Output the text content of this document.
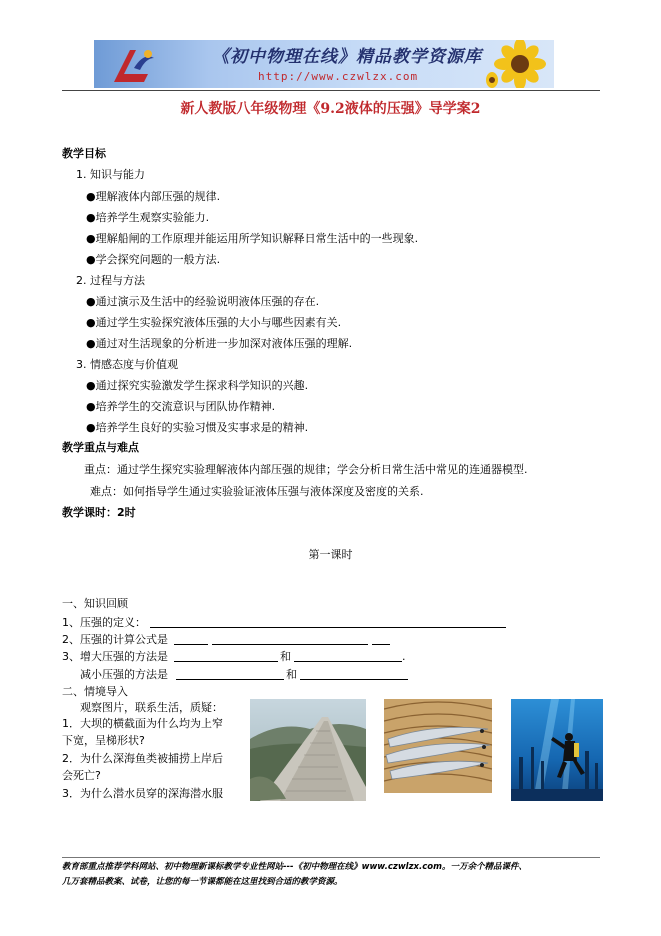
《初中物理在线》精品教学资源库
http://www.czwlzx.com
新人教版八年级物理《9.2液体的压强》导学案2
教学目标
1. 知识与能力
●理解液体内部压强的规律.
●培养学生观察实验能力.
●理解船闸的工作原理并能运用所学知识解释日常生活中的一些现象.
●学会探究问题的一般方法.
2. 过程与方法
●通过演示及生活中的经验说明液体压强的存在.
●通过学生实验探究液体压强的大小与哪些因素有关.
●通过对生活现象的分析进一步加深对液体压强的理解.
3. 情感态度与价值观
●通过探究实验激发学生探求科学知识的兴趣.
●培养学生的交流意识与团队协作精神.
●培养学生良好的实验习惯及实事求是的精神.
教学重点与难点
重点：通过学生探究实验理解液体内部压强的规律；学会分析日常生活中常见的连通器模型.
难点：如何指导学生通过实验验证液体压强与液体深度及密度的关系.
教学课时：2时
第一课时
一、知识回顾
1、压强的定义：
2、压强的计算公式是
3、增大压强的方法是	和	.
减小压强的方法是	和
二、情境导入
观察图片，联系生活，质疑：
1．大坝的横截面为什么均为上窄
下宽，呈梯形状?
2．为什么深海鱼类被捕捞上岸后
会死亡?
3．为什么潜水员穿的深海潜水服
教育部重点推荐学科网站、初中物理新课标教学专业性网站---《初中物理在线》www.czwlzx.com。一万余个精品课件、
几万套精品教案、试卷，让您的每一节课都能在这里找到合适的教学资源。
